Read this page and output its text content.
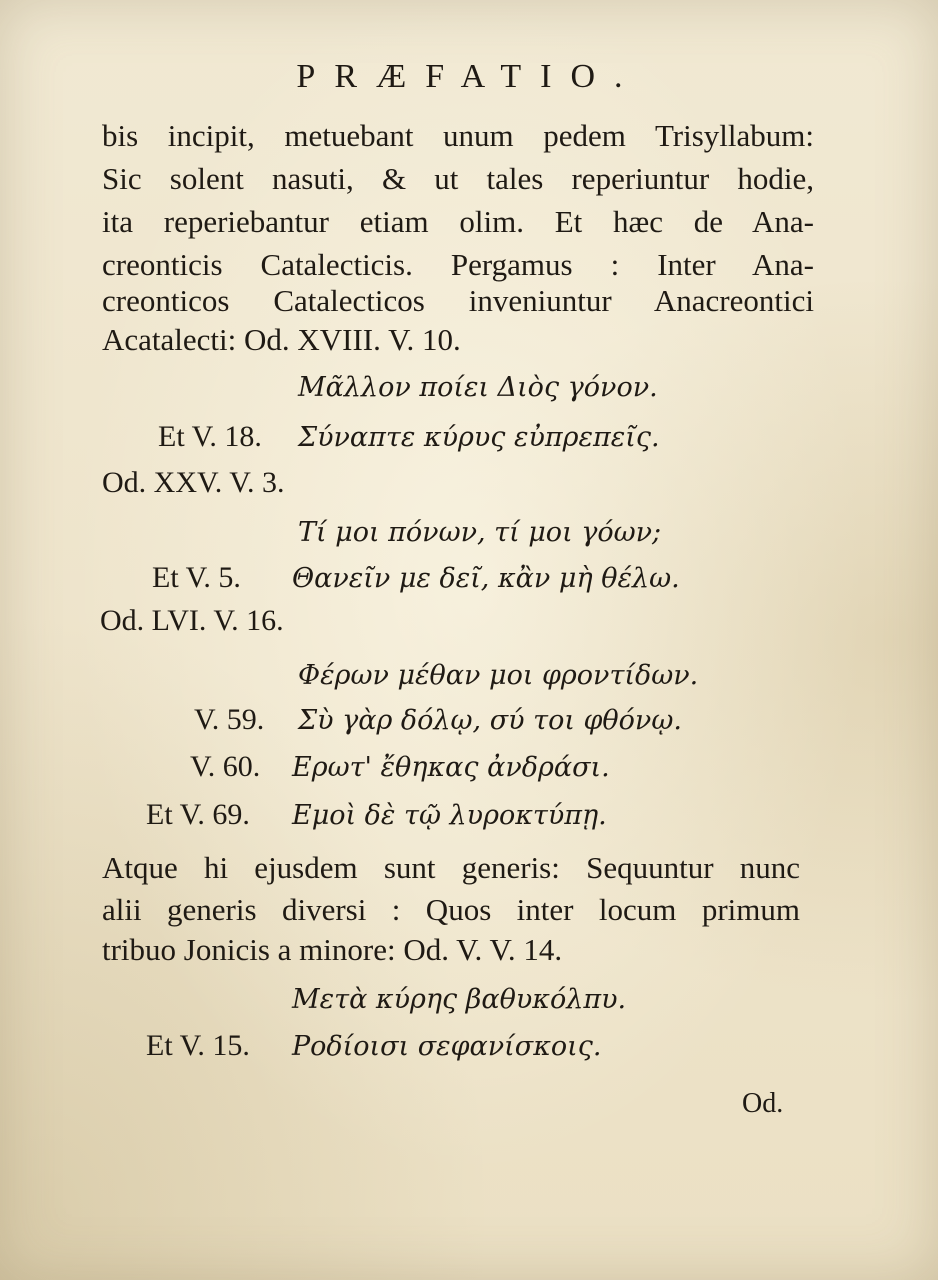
PRÆFATIO.
bis incipit, metuebant unum pedem Trisyllabum:
Sic solent nasuti, & ut tales reperiuntur hodie,
ita reperiebantur etiam olim. Et hæc de Ana-
creonticis Catalecticis. Pergamus : Inter Ana-
creonticos Catalecticos inveniuntur Anacreontici
Acatalecti: Od. XVIII. V. 10.
Μᾶλλον ποίει Διὸς γόνον.
Et V. 18. Σύναπτε κύρυς εὐπρεπεῖς.
Od. XXV. V. 3.
Τί μοι πόνων, τί μοι γόων;
Et V. 5. Θανεῖν με δεῖ, κἂν μὴ θέλω.
Od. LVI. V. 16.
Φέρων μέθαν μοι φροντίδων.
V. 59. Σὺ γὰρ δόλῳ, σύ τοι φθόνῳ.
V. 60. Ερωτ' ἔθηκας ἀνδράσι.
Et V. 69. Εμοὶ δὲ τῷ λυροκτύπῃ.
Atque hi ejusdem sunt generis: Sequuntur nunc
alii generis diversi : Quos inter locum primum
tribuo Jonicis a minore: Od. V. V. 14.
Μετὰ κύρης βαθυκόλπυ.
Et V. 15. Ροδίοισι σεφανίσκοις.
Od.
